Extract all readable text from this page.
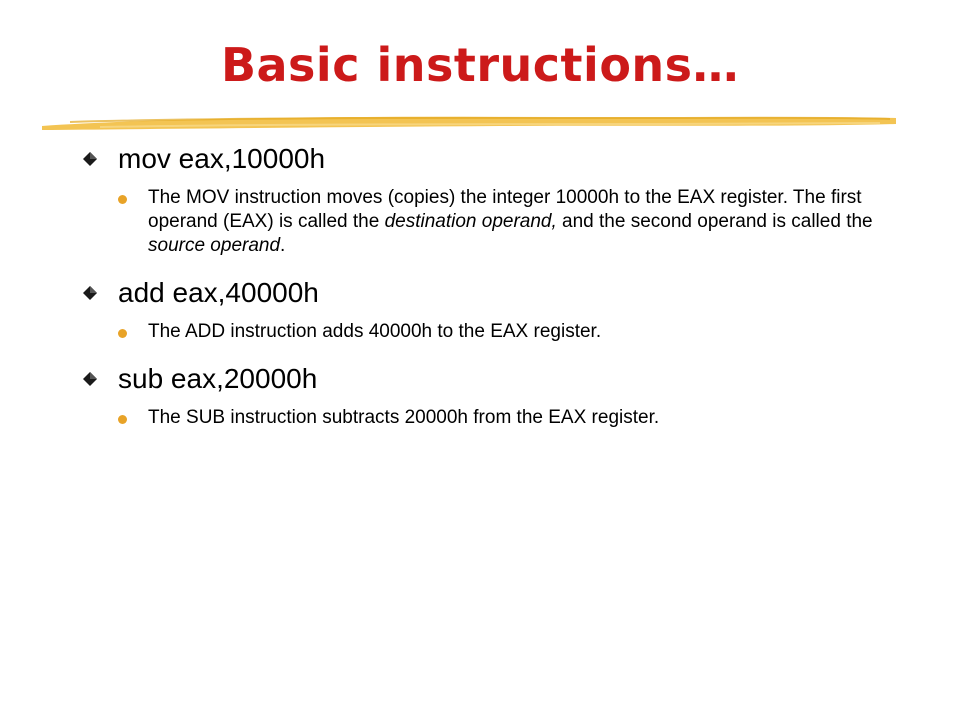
Basic instructions…
mov eax,10000h
The MOV instruction moves (copies) the integer 10000h to the EAX register. The first operand (EAX) is called the destination operand, and the second operand is called the source operand.
add eax,40000h
The ADD instruction adds 40000h to the EAX register.
sub eax,20000h
The SUB instruction subtracts 20000h from the EAX register.
